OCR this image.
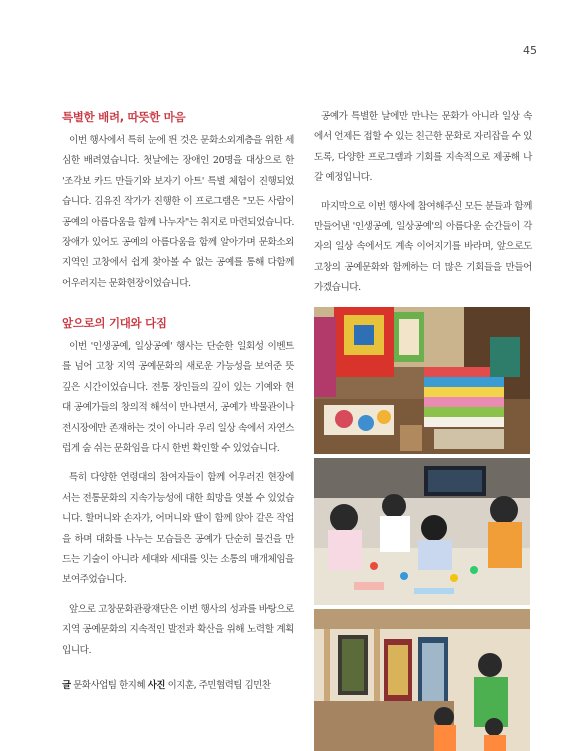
45
특별한 배려, 따뜻한 마음

이번 행사에서 특히 눈에 띈 것은 문화소외계층을 위한 세심한 배려였습니다. 첫날에는 장애인 20명을 대상으로 한 '조각보 카드 만들기와 보자기 아트' 특별 체험이 진행되었습니다. 김유진 작가가 진행한 이 프로그램은 "모든 사람이 공예의 아름다움을 함께 나누자"는 취지로 마련되었습니다. 장애가 있어도 공예의 아름다움을 함께 알아가며 문화소외지역인 고창에서 쉽게 찾아볼 수 없는 공예를 통해 다함께 어우러지는 문화현장이었습니다.

앞으로의 기대와 다짐

이번 '인생공예, 일상공예' 행사는 단순한 일회성 이벤트를 넘어 고창 지역 공예문화의 새로운 가능성을 보여준 뜻깊은 시간이었습니다. 전통 장인들의 깊이 있는 기예와 현대 공예가들의 창의적 해석이 만나면서, 공예가 박물관이나 전시장에만 존재하는 것이 아니라 우리 일상 속에서 자연스럽게 숨 쉬는 문화임을 다시 한번 확인할 수 있었습니다.

특히 다양한 연령대의 참여자들이 함께 어우러진 현장에서는 전통문화의 지속가능성에 대한 희망을 엿볼 수 있었습니다. 할머니와 손자가, 어머니와 딸이 함께 앉아 같은 작업을 하며 대화를 나누는 모습들은 공예가 단순히 물건을 만드는 기술이 아니라 세대와 세대를 잇는 소통의 매개체임을 보여주었습니다.

앞으로 고창문화관광재단은 이번 행사의 성과를 바탕으로 지역 공예문화의 지속적인 발전과 확산을 위해 노력할 계획입니다.

글 문화사업팀 한지혜 사진 이지훈, 주민협력팀 김민찬

공예가 특별한 날에만 만나는 문화가 아니라 일상 속에서 언제든 접할 수 있는 친근한 문화로 자리잡을 수 있도록, 다양한 프로그램과 기회를 지속적으로 제공해 나갈 예정입니다.

마지막으로 이번 행사에 참여해주신 모든 분들과 함께 만들어낸 '인생공예, 일상공예'의 아름다운 순간들이 각자의 일상 속에서도 계속 이어지기를 바라며, 앞으로도 고창의 공예문화와 함께하는 더 많은 기회들을 만들어가겠습니다.
